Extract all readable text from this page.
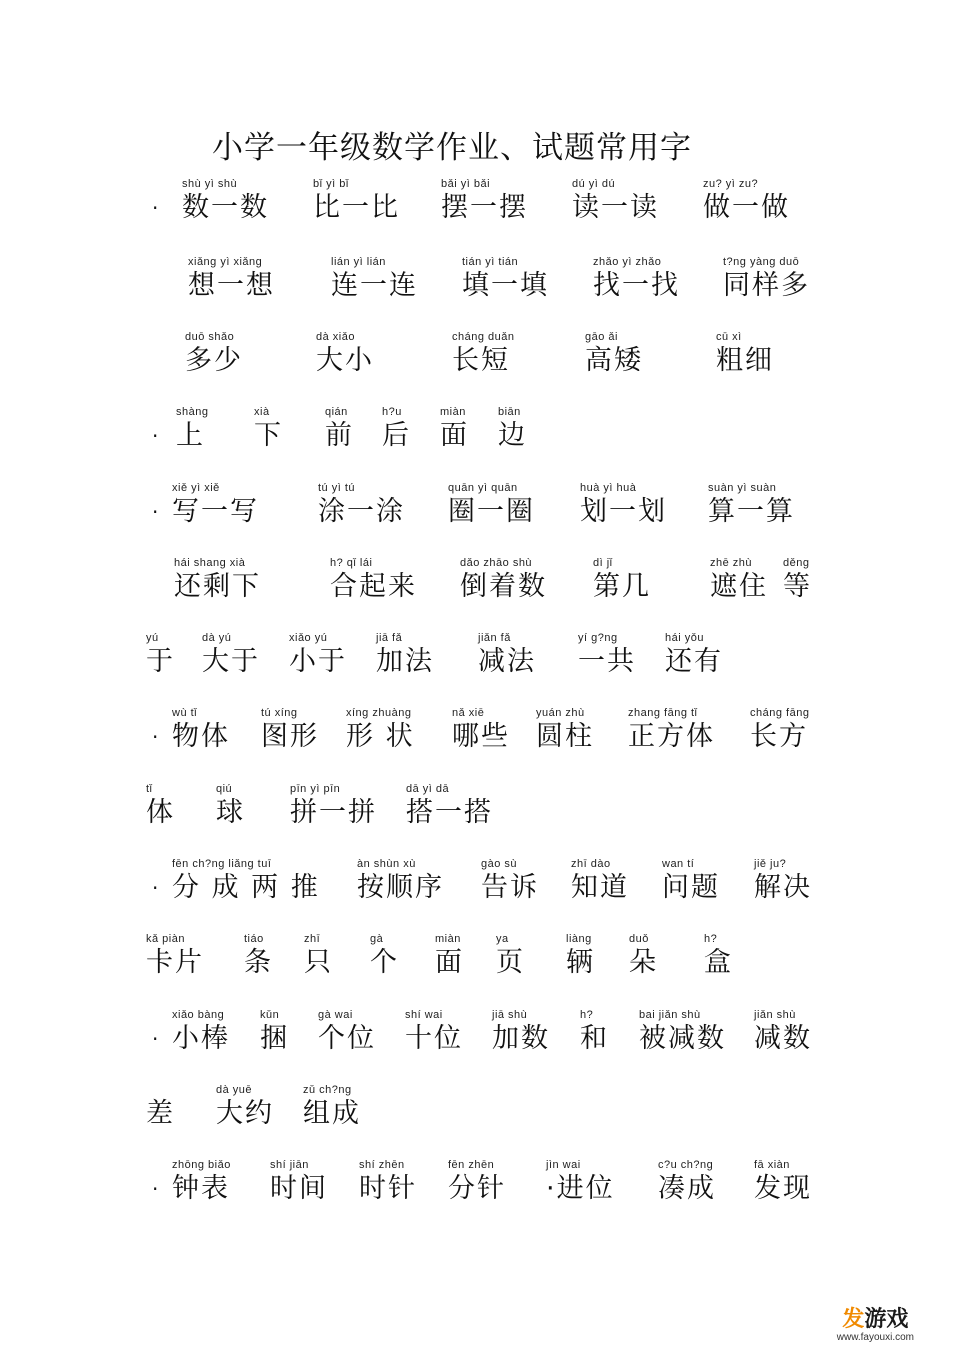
小学一年级数学作业、试题常用字
·
shù yì shù
数一数
bǐ yì bǐ
比一比
bǎi yì bǎi
摆一摆
dú yì dú
读一读
zu? yì zu?
做一做
xiǎng yì xiǎng
想一想
lián yì lián
连一连
tián yì tián
填一填
zhǎo yì zhǎo
找一找
t?ng yàng duō
同样多
duō shǎo
多少
dà xiǎo
大小
cháng duǎn
长短
gāo ǎi
高矮
cū xì
粗细
·
shàng
上
xià
下
qián
前
h?u
后
miàn
面
biān
边
·
xiě yì xiě
写一写
tú yì tú
涂一涂
quān yì quān
圈一圈
huà yì huà
划一划
suàn yì suàn
算一算
hái shang xià
还剩下
h? qǐ lái
合起来
dǎo zhāo shù
倒着数
dì jǐ
第几
zhē zhù
遮住
děng
等
yú
于
dà yú
大于
xiǎo yú
小于
jiā fǎ
加法
jiǎn fǎ
减法
yí g?ng
一共
hái yǒu
还有
·
wù tǐ
物体
tú xíng
图形
xíng zhuàng
形 状
nǎ xiē
哪些
yuán zhù
圆柱
zhang fāng tǐ
正方体
cháng fāng
长方
tǐ
体
qiú
球
pīn yì pīn
拼一拼
dā yì dā
搭一搭
·
fēn ch?ng liǎng tuī
分 成 两 推
àn shùn xù
按顺序
gào sù
告诉
zhī dào
知道
wan tí
问题
jiě ju?
解决
kǎ piàn
卡片
tiáo
条
zhī
只
gà
个
miàn
面
ya
页
liàng
辆
duǒ
朵
h?
盒
·
xiǎo bàng
小棒
kǔn
捆
gà wai
个位
shí wai
十位
jiā shù
加数
h?
和
bai jiǎn shù
被减数
jiǎn shù
减数
差
dà yuē
大约
zǔ ch?ng
组成
·
zhōng biǎo
钟表
shí jiān
时间
shí zhēn
时针
fēn zhēn
分针
jìn wai
·进位
c?u ch?ng
凑成
fā xiàn
发现
发游戏
www.fayouxi.com
